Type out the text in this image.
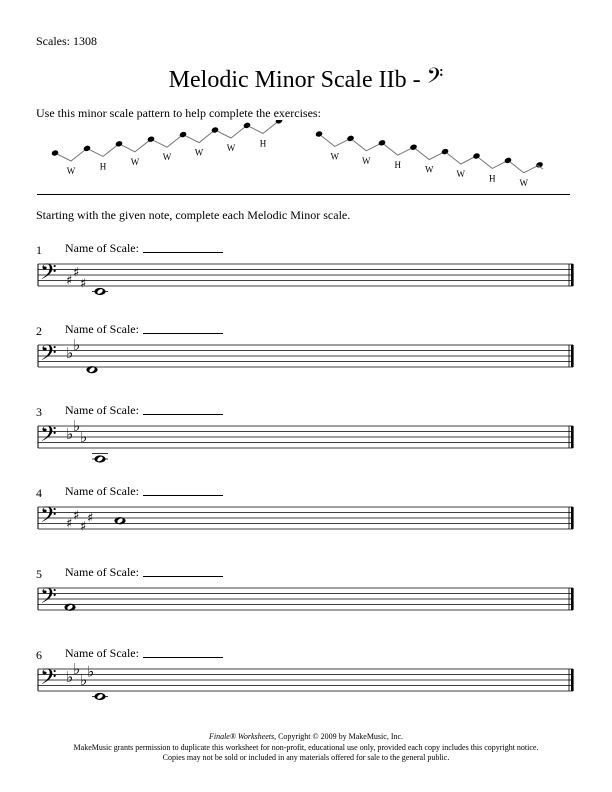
Scales: 1308
Melodic Minor Scale IIb - 𝄢
Use this minor scale pattern to help complete the exercises:
W	H	W	W	W	W	H
W	W	H	W	W	H	W
Starting with the given note, complete each Melodic Minor scale.
1 Name of Scale:
𝄢 ♯
♯
♯
2 Name of Scale:
𝄢 ♭ ♭
3 Name of Scale:
𝄢 ♭ ♭
♭
4 Name of Scale:
𝄢 ♯
♯
♯
♯
5 Name of Scale:
𝄢
6 Name of Scale:
𝄢 ♭ ♭
♭ ♭
Finale® Worksheets, Copyright © 2009 by MakeMusic, Inc.
MakeMusic grants permission to duplicate this worksheet for non-profit, educational use only, provided each copy includes this copyright notice.
Copies may not be sold or included in any materials offered for sale to the general public.
